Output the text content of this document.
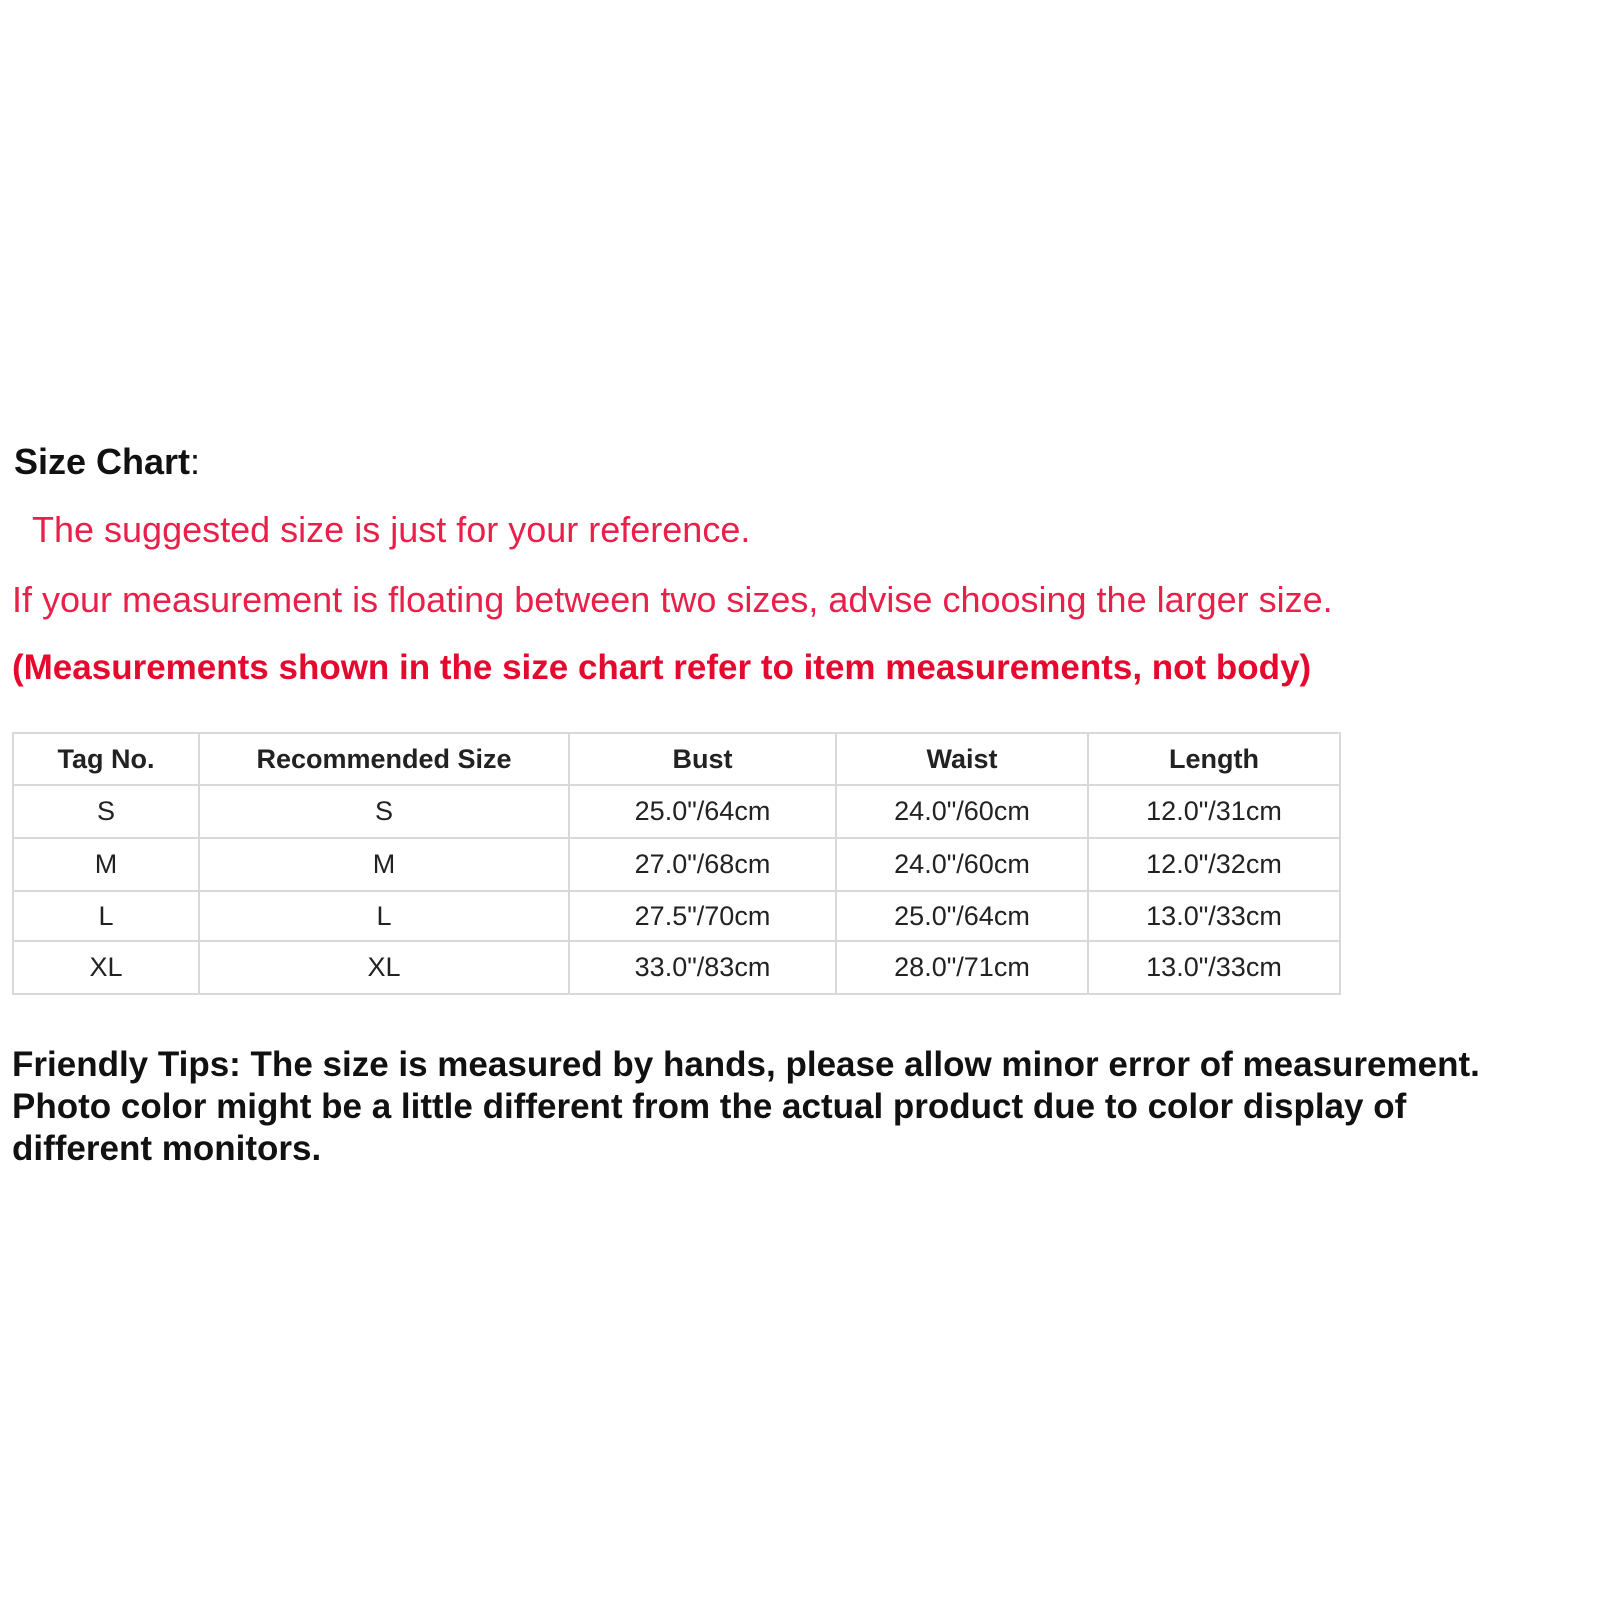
Size Chart:
The suggested size is just for your reference.
If your measurement is floating between two sizes, advise choosing the larger size.
(Measurements shown in the size chart refer to item measurements, not body)
Tag No.	Recommended Size	Bust	Waist	Length
S	S	25.0"/64cm	24.0"/60cm	12.0"/31cm
M	M	27.0"/68cm	24.0"/60cm	12.0"/32cm
L	L	27.5"/70cm	25.0"/64cm	13.0"/33cm
XL	XL	33.0"/83cm	28.0"/71cm	13.0"/33cm
Friendly Tips: The size is measured by hands, please allow minor error of measurement.
Photo color might be a little different from the actual product due to color display of
different monitors.
